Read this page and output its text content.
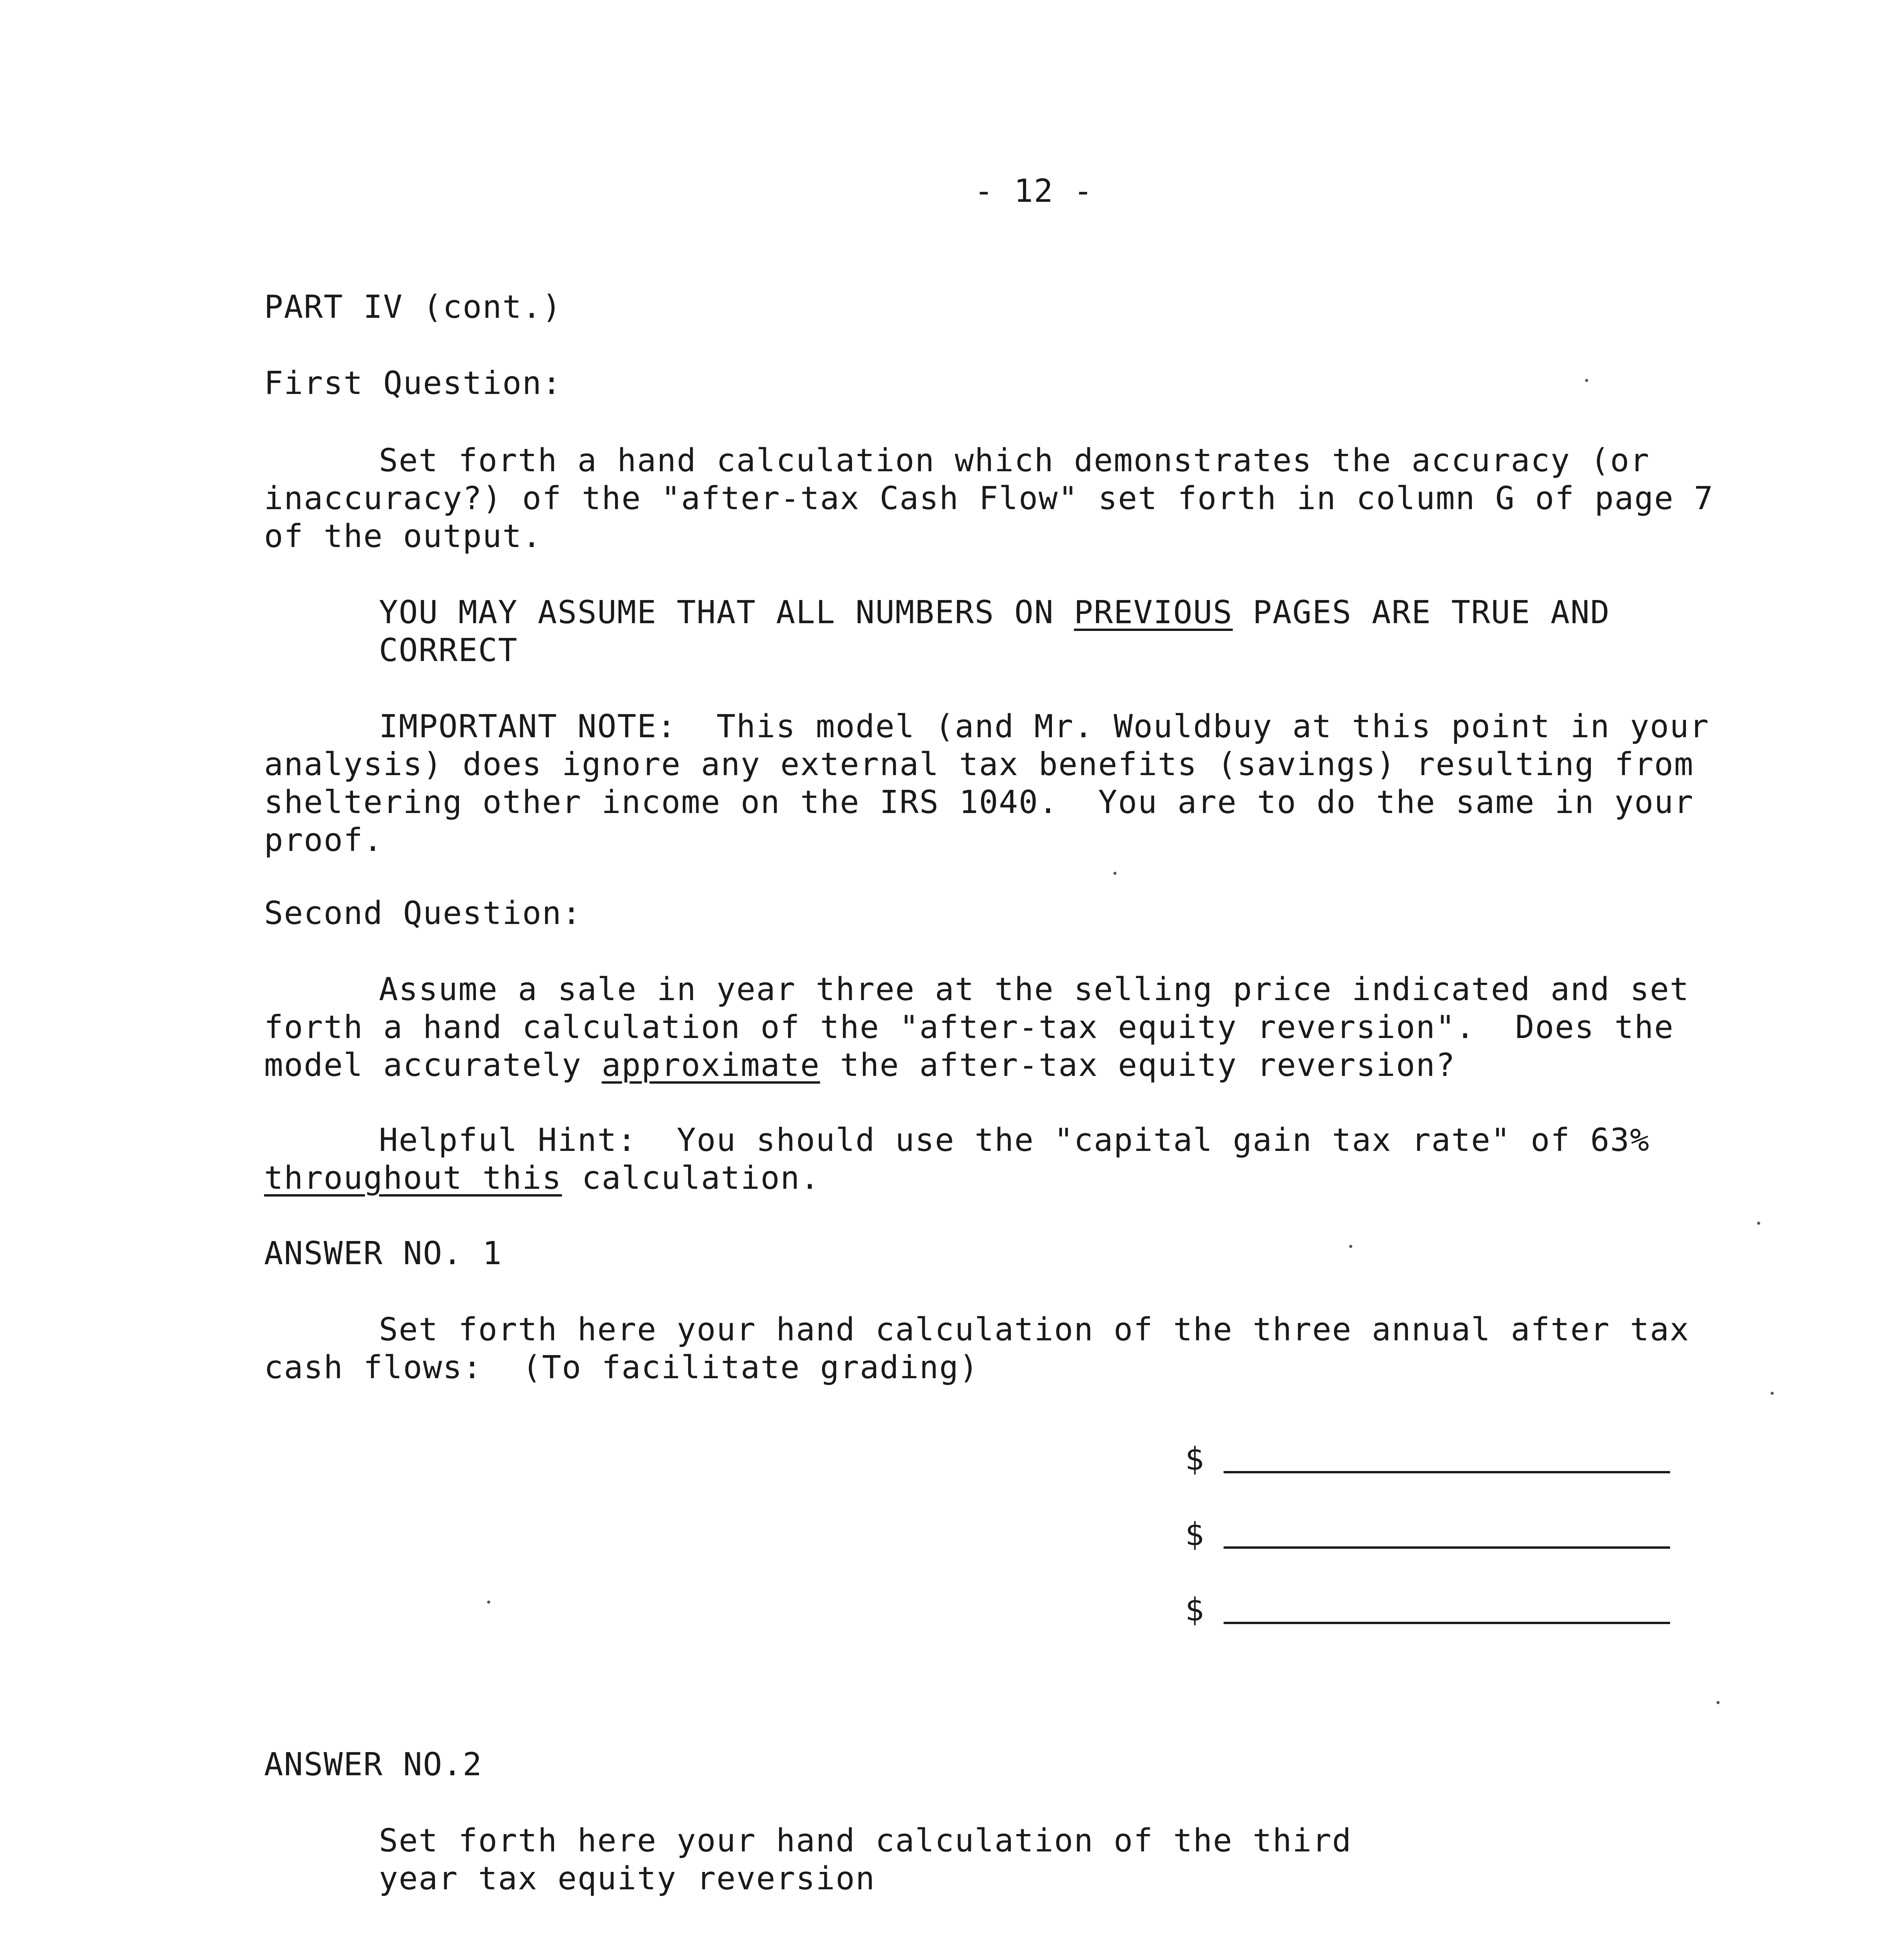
- 12 -
PART IV (cont.)
First Question:
Set forth a hand calculation which demonstrates the accuracy (or
inaccuracy?) of the "after-tax Cash Flow" set forth in column G of page 7
of the output.
YOU MAY ASSUME THAT ALL NUMBERS ON PREVIOUS PAGES ARE TRUE AND
CORRECT
IMPORTANT NOTE:  This model (and Mr. Wouldbuy at this point in your
analysis) does ignore any external tax benefits (savings) resulting from
sheltering other income on the IRS 1040.  You are to do the same in your
proof.
Second Question:
Assume a sale in year three at the selling price indicated and set
forth a hand calculation of the "after-tax equity reversion".  Does the
model accurately approximate the after-tax equity reversion?
Helpful Hint:  You should use the "capital gain tax rate" of 63%
throughout this calculation.
ANSWER NO. 1
Set forth here your hand calculation of the three annual after tax
cash flows:  (To facilitate grading)
$
$
$
ANSWER NO.2
Set forth here your hand calculation of the third
year tax equity reversion
